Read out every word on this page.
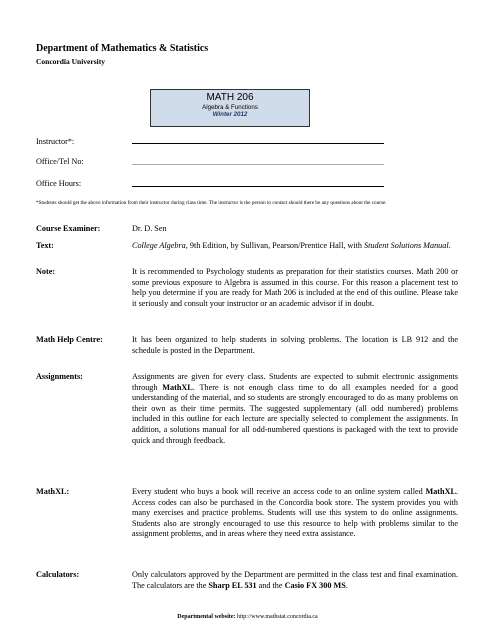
Department of Mathematics & Statistics
Concordia University
MATH 206
Algebra & Functions
Winter 2012
Instructor*:
Office/Tel No:
Office Hours:
*Students should get the above information from their instructor during class time. The instructor is the person to contact should there be any questions about the course.
Course Examiner:	Dr. D. Sen
Text:	College Algebra, 9th Edition, by Sullivan, Pearson/Prentice Hall, with Student Solutions Manual.
Note:	It is recommended to Psychology students as preparation for their statistics courses. Math 200 or some previous exposure to Algebra is assumed in this course. For this reason a placement test to help you determine if you are ready for Math 206 is included at the end of this outline. Please take it seriously and consult your instructor or an academic advisor if in doubt.
Math Help Centre:	It has been organized to help students in solving problems. The location is LB 912 and the schedule is posted in the Department.
Assignments:	Assignments are given for every class. Students are expected to submit electronic assignments through MathXL. There is not enough class time to do all examples needed for a good understanding of the material, and so students are strongly encouraged to do as many problems on their own as their time permits. The suggested supplementary (all odd numbered) problems included in this outline for each lecture are specially selected to complement the assignments. In addition, a solutions manual for all odd-numbered questions is packaged with the text to provide quick and through feedback.
MathXL:	Every student who buys a book will receive an access code to an online system called MathXL. Access codes can also be purchased in the Concordia book store. The system provides you with many exercises and practice problems. Students will use this system to do online assignments. Students also are strongly encouraged to use this resource to help with problems similar to the assignment problems, and in areas where they need extra assistance.
Calculators:	Only calculators approved by the Department are permitted in the class test and final examination. The calculators are the Sharp EL 531 and the Casio FX 300 MS.
Departmental website: http://www.mathstat.concordia.ca
